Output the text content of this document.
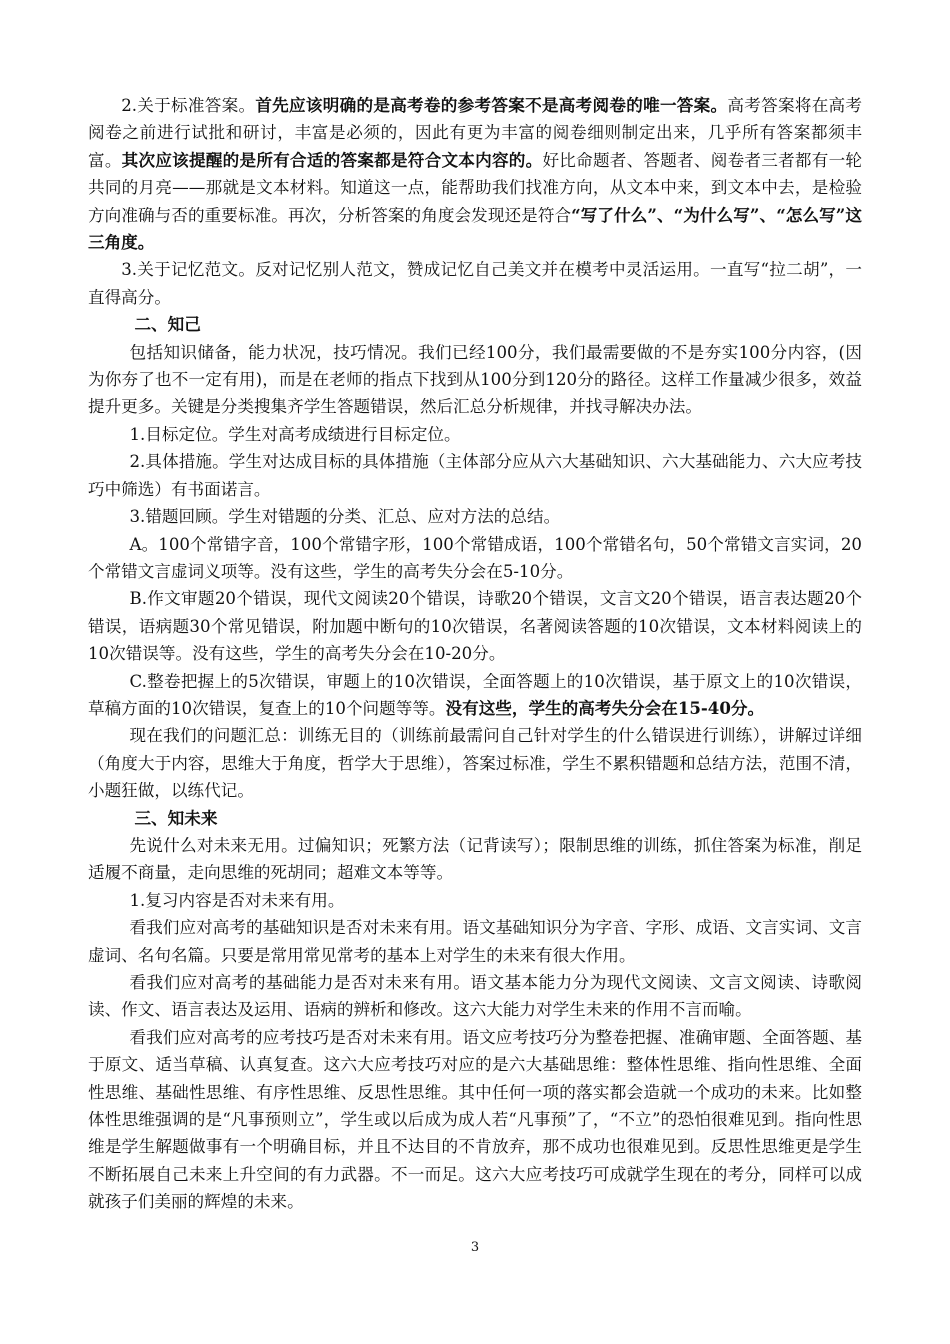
2.关于标准答案。首先应该明确的是高考卷的参考答案不是高考阅卷的唯一答案。高考答案将在高考阅卷之前进行试批和研讨，丰富是必须的，因此有更为丰富的阅卷细则制定出来，几乎所有答案都须丰富。其次应该提醒的是所有合适的答案都是符合文本内容的。好比命题者、答题者、阅卷者三者都有一轮共同的月亮——那就是文本材料。知道这一点，能帮助我们找准方向，从文本中来，到文本中去，是检验方向准确与否的重要标准。再次，分析答案的角度会发现还是符合“写了什么”、“为什么写”、“怎么写”这三角度。

3.关于记忆范文。反对记忆别人范文，赞成记忆自己美文并在模考中灵活运用。一直写“拉二胡”，一直得高分。

二、知己

包括知识储备，能力状况，技巧情况。我们已经100分，我们最需要做的不是夯实100分内容，(因为你夯了也不一定有用)，而是在老师的指点下找到从100分到120分的路径。这样工作量减少很多，效益提升更多。关键是分类搜集齐学生答题错误，然后汇总分析规律，并找寻解决办法。

1.目标定位。学生对高考成绩进行目标定位。

2.具体措施。学生对达成目标的具体措施（主体部分应从六大基础知识、六大基础能力、六大应考技巧中筛选）有书面诺言。

3.错题回顾。学生对错题的分类、汇总、应对方法的总结。

A。100个常错字音，100个常错字形，100个常错成语，100个常错名句，50个常错文言实词，20个常错文言虚词义项等。没有这些，学生的高考失分会在5-10分。

B.作文审题20个错误，现代文阅读20个错误，诗歌20个错误，文言文20个错误，语言表达题20个错误，语病题30个常见错误，附加题中断句的10次错误，名著阅读答题的10次错误，文本材料阅读上的10次错误等。没有这些，学生的高考失分会在10-20分。

C.整卷把握上的5次错误，审题上的10次错误，全面答题上的10次错误，基于原文上的10次错误，草稿方面的10次错误，复查上的10个问题等等。没有这些，学生的高考失分会在15-40分。

现在我们的问题汇总：训练无目的（训练前最需问自己针对学生的什么错误进行训练），讲解过详细（角度大于内容，思维大于角度，哲学大于思维），答案过标准，学生不累积错题和总结方法，范围不清，小题狂做，以练代记。

三、知未来

先说什么对未来无用。过偏知识；死繁方法（记背读写）；限制思维的训练，抓住答案为标准，削足适履不商量，走向思维的死胡同；超难文本等等。

1.复习内容是否对未来有用。

看我们应对高考的基础知识是否对未来有用。语文基础知识分为字音、字形、成语、文言实词、文言虚词、名句名篇。只要是常用常见常考的基本上对学生的未来有很大作用。

看我们应对高考的基础能力是否对未来有用。语文基本能力分为现代文阅读、文言文阅读、诗歌阅读、作文、语言表达及运用、语病的辨析和修改。这六大能力对学生未来的作用不言而喻。

看我们应对高考的应考技巧是否对未来有用。语文应考技巧分为整卷把握、准确审题、全面答题、基于原文、适当草稿、认真复查。这六大应考技巧对应的是六大基础思维：整体性思维、指向性思维、全面性思维、基础性思维、有序性思维、反思性思维。其中任何一项的落实都会造就一个成功的未来。比如整体性思维强调的是“凡事预则立”，学生或以后成为成人若“凡事预”了，“不立”的恐怕很难见到。指向性思维是学生解题做事有一个明确目标，并且不达目的不肯放弃，那不成功也很难见到。反思性思维更是学生不断拓展自己未来上升空间的有力武器。不一而足。这六大应考技巧可成就学生现在的考分，同样可以成就孩子们美丽的辉煌的未来。

3
